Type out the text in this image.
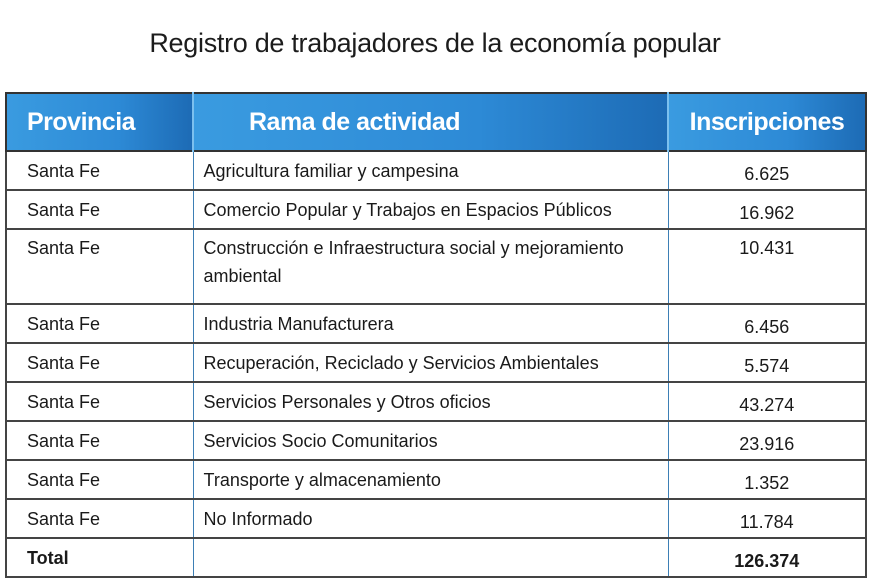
Registro de trabajadores de la economía popular
Provincia	Rama de actividad	Inscripciones
Santa Fe	Agricultura familiar y campesina	6.625
Santa Fe	Comercio Popular y Trabajos en Espacios Públicos	16.962
Santa Fe	Construcción e Infraestructura social y mejoramiento ambiental	10.431
Santa Fe	Industria Manufacturera	6.456
Santa Fe	Recuperación, Reciclado y Servicios Ambientales	5.574
Santa Fe	Servicios Personales y Otros oficios	43.274
Santa Fe	Servicios Socio Comunitarios	23.916
Santa Fe	Transporte y almacenamiento	1.352
Santa Fe	No Informado	11.784
Total		126.374
